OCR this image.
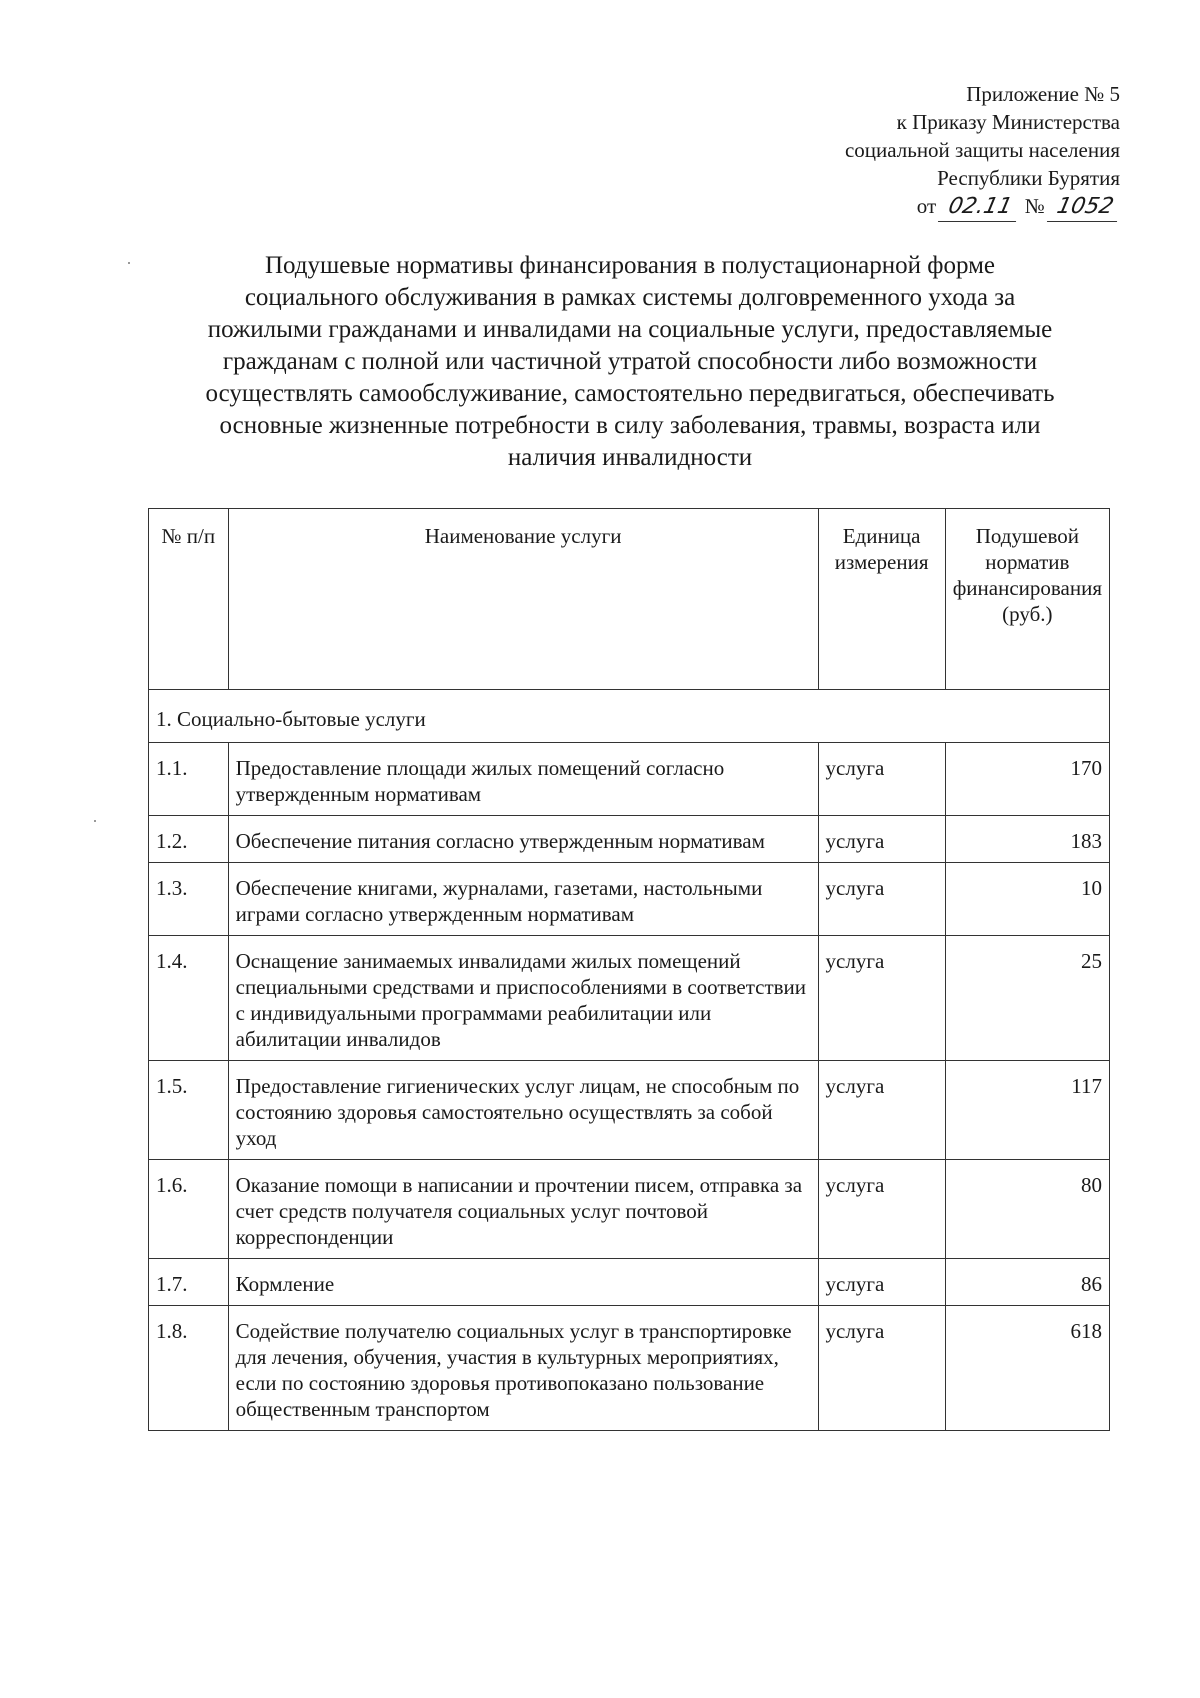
Приложение № 5
к Приказу Министерства
социальной защиты населения
Республики Бурятия
от 02.11 № 1052
Подушевые нормативы финансирования в полустационарной форме
социального обслуживания в рамках системы долговременного ухода за
пожилыми гражданами и инвалидами на социальные услуги, предоставляемые
гражданам с полной или частичной утратой способности либо возможности
осуществлять самообслуживание, самостоятельно передвигаться, обеспечивать
основные жизненные потребности в силу заболевания, травмы, возраста или
наличия инвалидности
№ п/п	Наименование услуги	Единица измерения	Подушевой норматив финансирования (руб.)
1. Социально-бытовые услуги			
1.1.	Предоставление площади жилых помещений согласно утвержденным нормативам	услуга	170
1.2.	Обеспечение питания согласно утвержденным нормативам	услуга	183
1.3.	Обеспечение книгами, журналами, газетами, настольными играми согласно утвержденным нормативам	услуга	10
1.4.	Оснащение занимаемых инвалидами жилых помещений специальными средствами и приспособлениями в соответствии с индивидуальными программами реабилитации или абилитации инвалидов	услуга	25
1.5.	Предоставление гигиенических услуг лицам, не способным по состоянию здоровья самостоятельно осуществлять за собой уход	услуга	117
1.6.	Оказание помощи в написании и прочтении писем, отправка за счет средств получателя социальных услуг почтовой корреспонденции	услуга	80
1.7.	Кормление	услуга	86
1.8.	Содействие получателю социальных услуг в транспортировке для лечения, обучения, участия в культурных мероприятиях, если по состоянию здоровья противопоказано пользование общественным транспортом	услуга	618
